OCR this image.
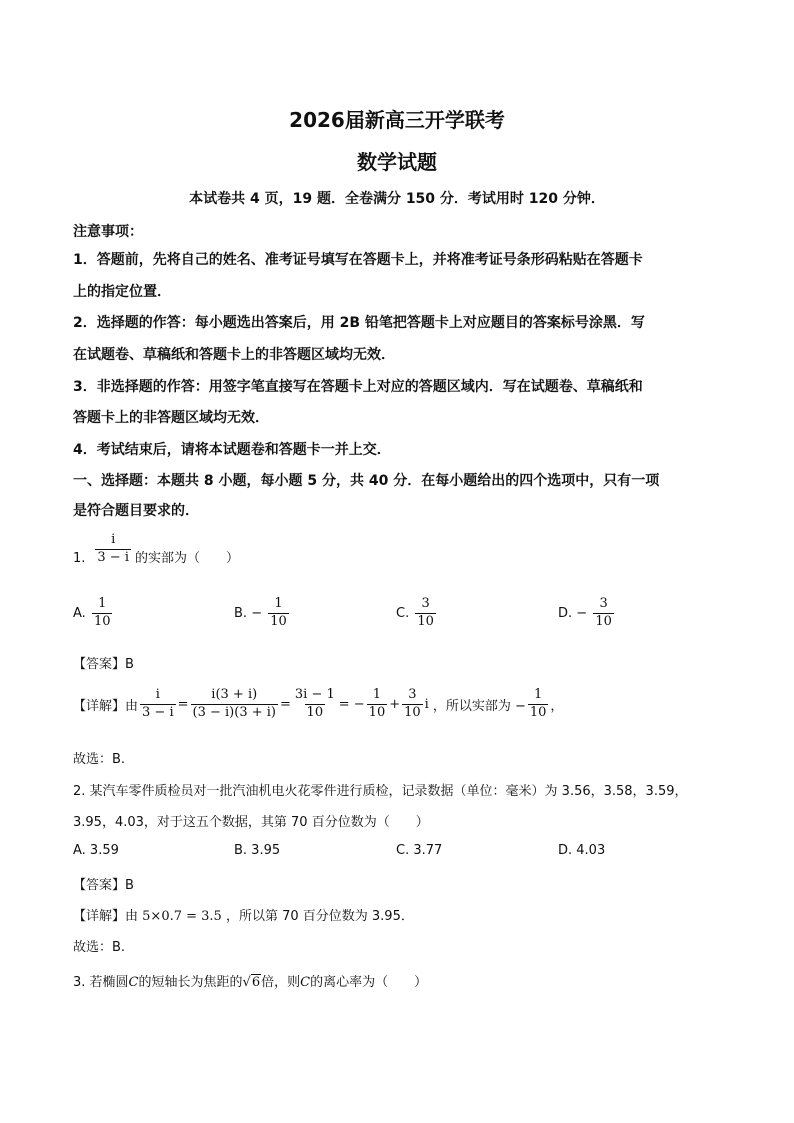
2026届新高三开学联考
数学试题
本试卷共 4 页，19 题．全卷满分 150 分．考试用时 120 分钟．
注意事项：
1．答题前，先将自己的姓名、准考证号填写在答题卡上，并将准考证号条形码粘贴在答题卡
上的指定位置．
2．选择题的作答：每小题选出答案后，用 2B 铅笔把答题卡上对应题目的答案标号涂黑．写
在试题卷、草稿纸和答题卡上的非答题区域均无效．
3．非选择题的作答：用签字笔直接写在答题卡上对应的答题区域内．写在试题卷、草稿纸和
答题卡上的非答题区域均无效．
4．考试结束后，请将本试题卷和答题卡一并上交．
一、选择题：本题共 8 小题，每小题 5 分，共 40 分．在每小题给出的四个选项中，只有一项
是符合题目要求的．
1. $\frac{i}{3 - i}$ 的实部为（　　）
A. $\frac{1}{10}$	B. − $\frac{1}{10}$	C. $\frac{3}{10}$	D. − $\frac{3}{10}$
【答案】B
【详解】由 $\frac{i}{3 - i} = \frac{i(3 + i)}{(3 - i)(3 + i)} = \frac{3i - 1}{10}$ = − $\frac{1}{10} + \frac{3}{10}$ i ，所以实部为 − $\frac{1}{10}$ ，
故选：B.
2. 某汽车零件质检员对一批汽油机电火花零件进行质检，记录数据（单位：毫米）为 3.56，3.58，3.59，
3.95，4.03，对于这五个数据，其第 70 百分位数为（　　）
A. 3.59	B. 3.95	C. 3.77	D. 4.03
【答案】B
【详解】由 5×0.7 = 3.5 ，所以第 70 百分位数为 3.95．
故选：B.
3. 若椭圆C的短轴长为焦距的√6倍，则C的离心率为（　　）
